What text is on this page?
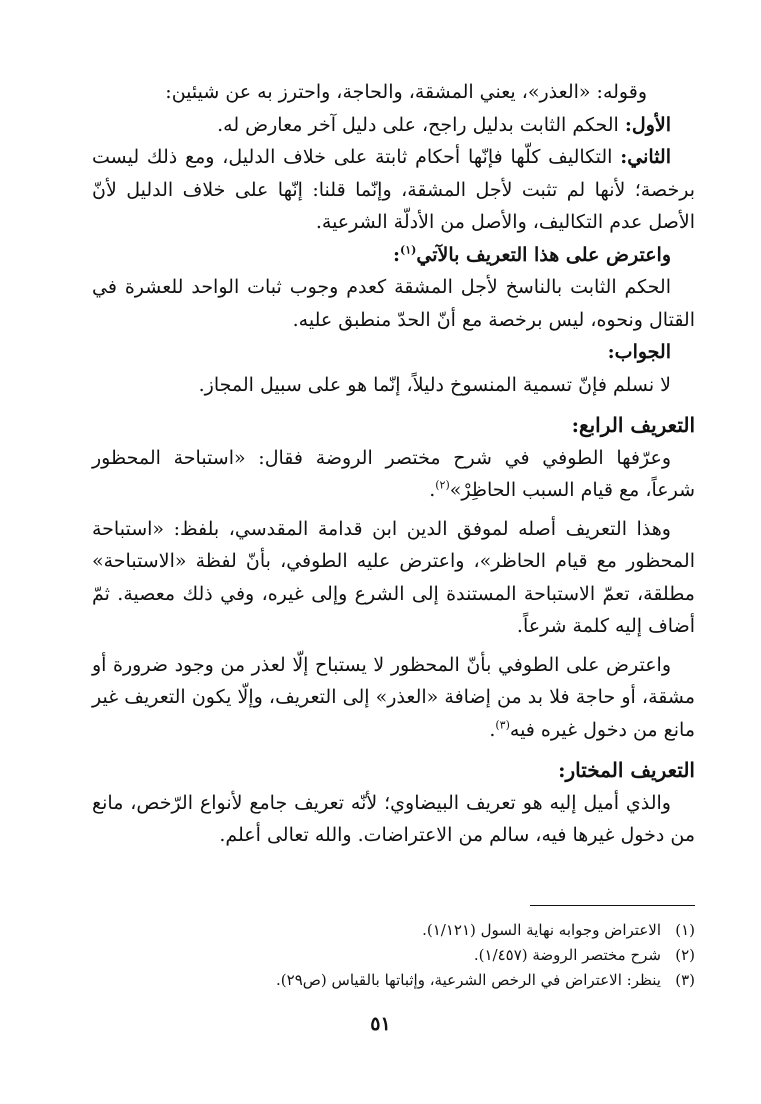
وقوله: «العذر»، يعني المشقة، والحاجة، واحترز به عن شيئين:

الأول: الحكم الثابت بدليل راجح، على دليل آخر معارض له.

الثاني: التكاليف كلّها فإنّها أحكام ثابتة على خلاف الدليل، ومع ذلك ليست برخصة؛ لأنها لم تثبت لأجل المشقة، وإنّما قلنا: إنّها على خلاف الدليل لأنّ الأصل عدم التكاليف، والأصل من الأدلّة الشرعية.

واعترض على هذا التعريف بالآتي$^{(١)}$:

الحكم الثابت بالناسخ لأجل المشقة كعدم وجوب ثبات الواحد للعشرة في القتال ونحوه، ليس برخصة مع أنّ الحدّ منطبق عليه.

الجواب:

لا نسلم فإنّ تسمية المنسوخ دليلاً، إنّما هو على سبيل المجاز.

التعريف الرابع:

وعرّفها الطوفي في شرح مختصر الروضة فقال: «استباحة المحظور شرعاً، مع قيام السبب الحاظِرْ»$^{(٢)}$.

وهذا التعريف أصله لموفق الدين ابن قدامة المقدسي، بلفظ: «استباحة المحظور مع قيام الحاظر»، واعترض عليه الطوفي، بأنّ لفظة «الاستباحة» مطلقة، تعمّ الاستباحة المستندة إلى الشرع وإلى غيره، وفي ذلك معصية. ثمّ أضاف إليه كلمة شرعاً.

واعترض على الطوفي بأنّ المحظور لا يستباح إلّا لعذر من وجود ضرورة أو مشقة، أو حاجة فلا بد من إضافة «العذر» إلى التعريف، وإلّا يكون التعريف غير مانع من دخول غيره فيه$^{(٣)}$.

التعريف المختار:

والذي أميل إليه هو تعريف البيضاوي؛ لأنّه تعريف جامع لأنواع الرّخص، مانع من دخول غيرها فيه، سالم من الاعتراضات. والله تعالى أعلم.

(١)الاعتراض وجوابه نهاية السول (١/١٢١).

(٢)شرح مختصر الروضة (١/٤٥٧).

(٣)ينظر: الاعتراض في الرخص الشرعية، وإثباتها بالقياس (ص٢٩).

٥١
